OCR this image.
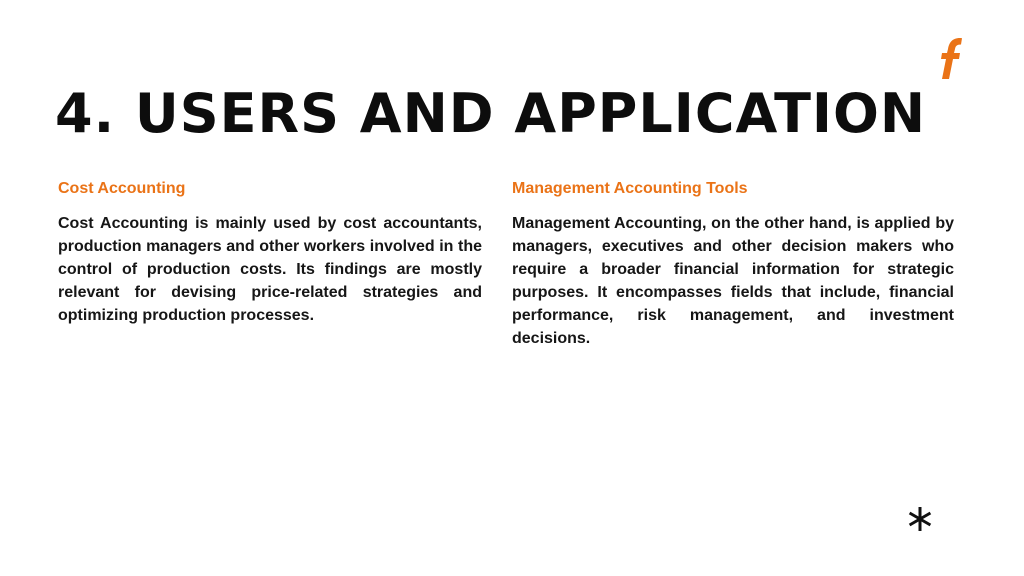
4. USERS AND APPLICATION
Cost Accounting

Cost Accounting is mainly used by cost accountants, production managers and other workers involved in the control of production costs. Its findings are mostly relevant for devising price-related strategies and optimizing production processes.

Management Accounting Tools

Management Accounting, on the other hand, is applied by managers, executives and other decision makers who require a broader financial information for strategic purposes. It encompasses fields that include, financial performance, risk management, and investment decisions.
